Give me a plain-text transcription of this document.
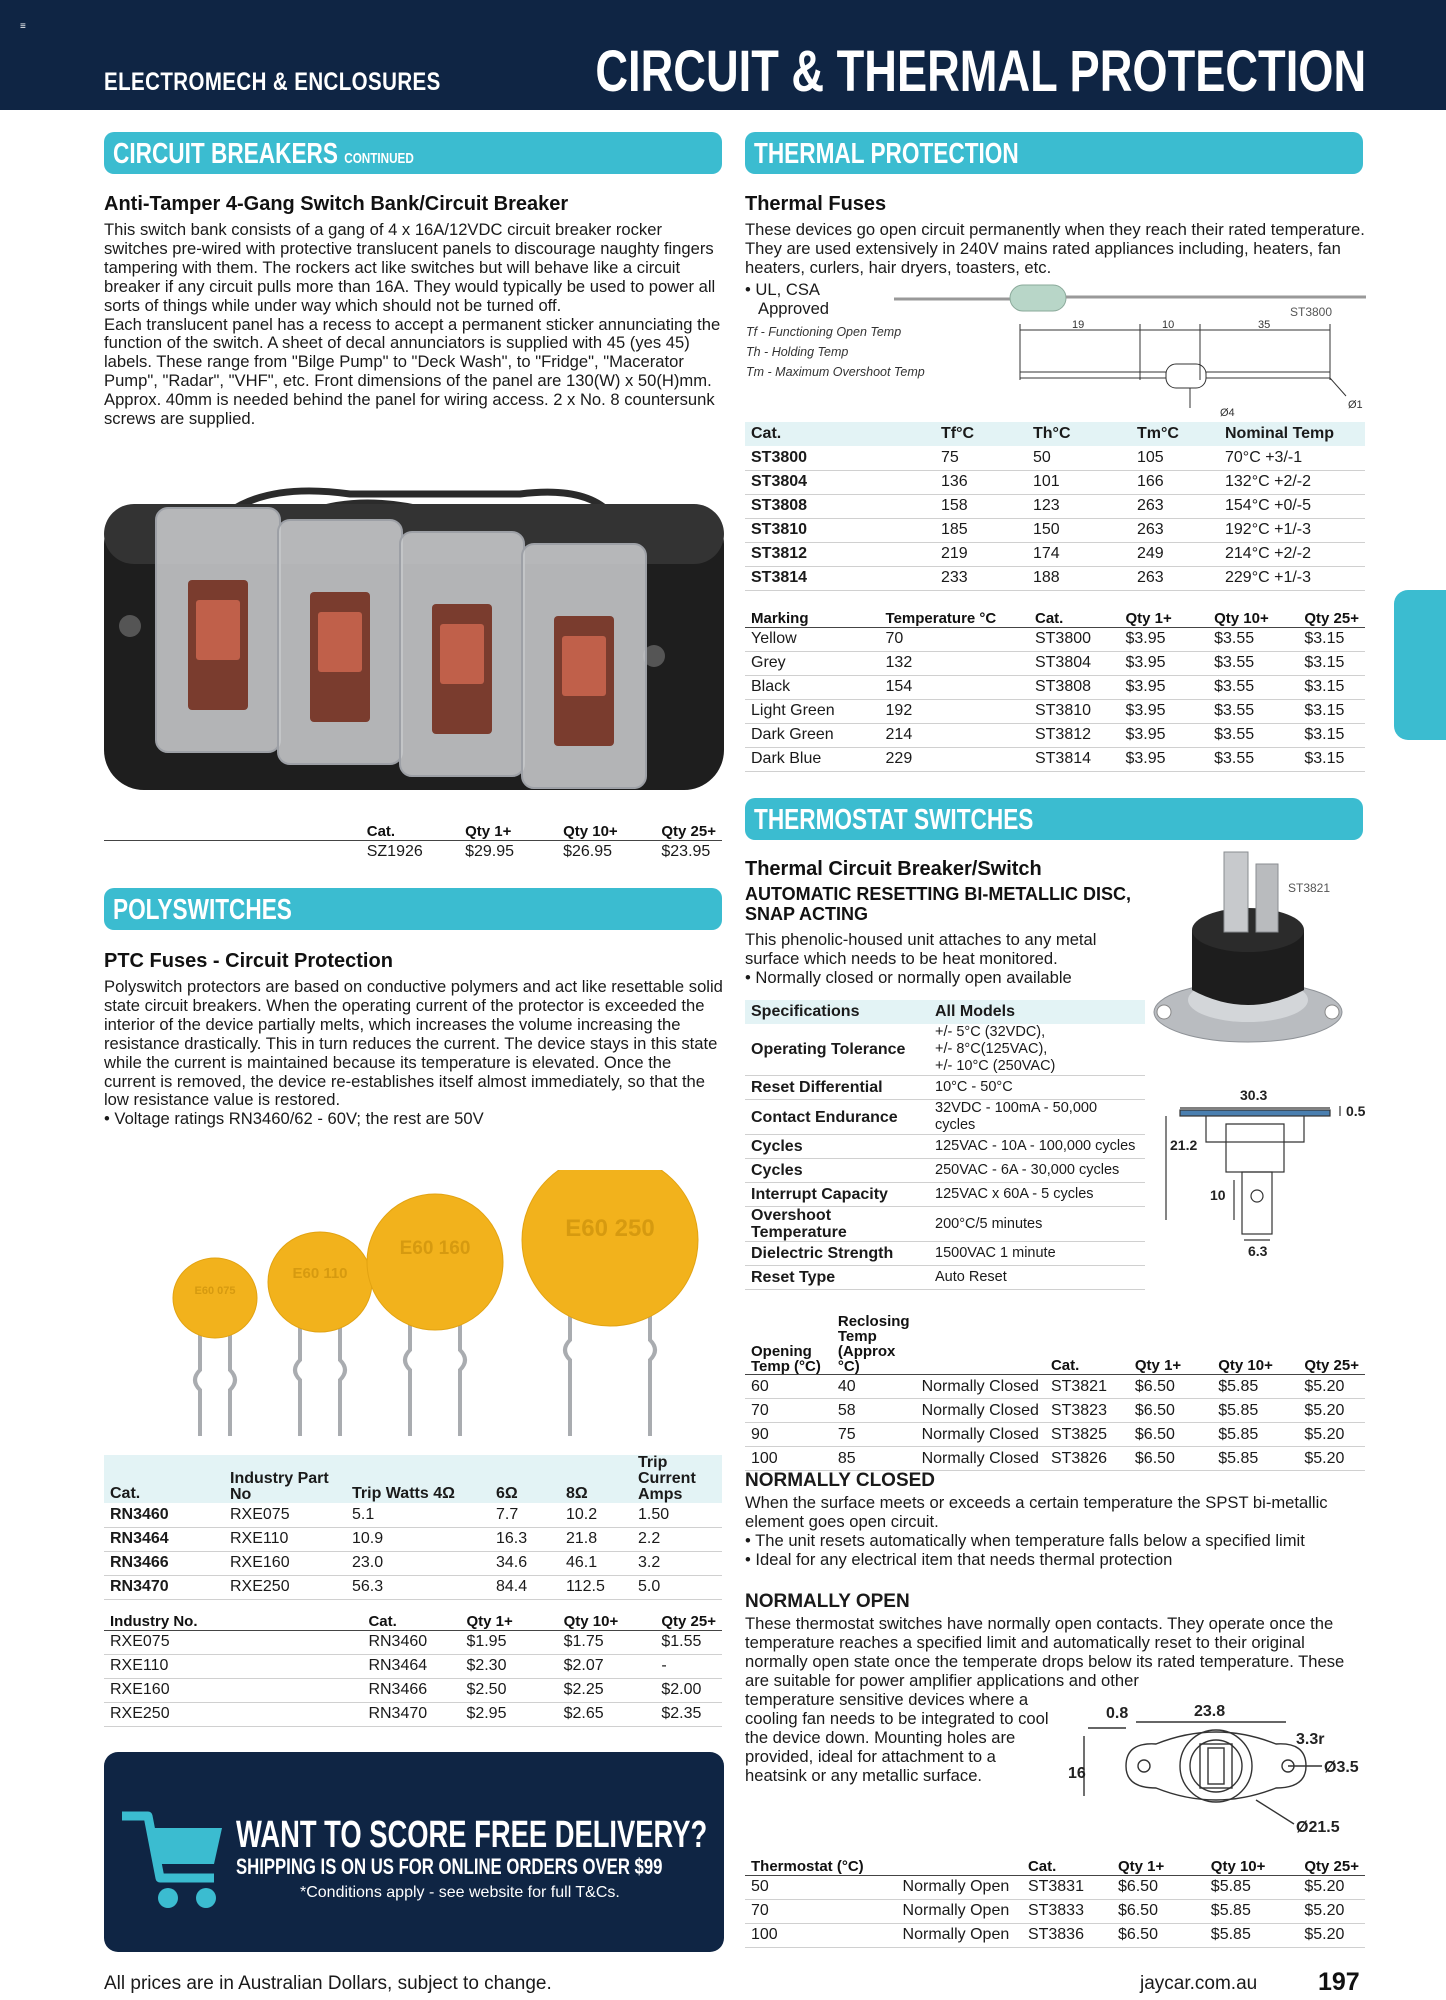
≡
ELECTROMECH & ENCLOSURES	CIRCUIT & THERMAL PROTECTION
CIRCUIT BREAKERS CONTINUED
Anti-Tamper 4-Gang Switch Bank/Circuit Breaker

This switch bank consists of a gang of 4 x 16A/12VDC circuit breaker rocker switches pre-wired with protective translucent panels to discourage naughty fingers tampering with them. The rockers act like switches but will behave like a circuit breaker if any circuit pulls more than 16A. They would typically be used to power all sorts of things while under way which should not be turned off.

Each translucent panel has a recess to accept a permanent sticker annunciating the function of the switch. A sheet of decal annunciators is supplied with 45 (yes 45) labels. These range from "Bilge Pump" to "Deck Wash", to "Fridge", "Macerator Pump", "Radar", "VHF", etc. Front dimensions of the panel are 130(W) x 50(H)mm. Approx. 40mm is needed behind the panel for wiring access. 2 x No. 8 countersunk screws are supplied.

	Cat.	Qty 1+	Qty 10+	Qty 25+
	SZ1926	$29.95	$26.95	$23.95
POLYSWITCHES
PTC Fuses - Circuit Protection

Polyswitch protectors are based on conductive polymers and act like resettable solid state circuit breakers. When the operating current of the protector is exceeded the interior of the device partially melts, which increases the volume increasing the resistance drastically. This in turn reduces the current. The device stays in this state while the current is maintained because its temperature is elevated. Once the current is removed, the device re-establishes itself almost immediately, so that the low resistance value is restored.

• Voltage ratings RN3460/62 - 60V; the rest are 50V

E60 075
E60 110
E60 160
E60 250
Cat.	Industry Part No	Trip Watts 4Ω	6Ω	8Ω	Trip Current Amps
RN3460	RXE075	5.1	7.7	10.2	1.50
RN3464	RXE110	10.9	16.3	21.8	2.2
RN3466	RXE160	23.0	34.6	46.1	3.2
RN3470	RXE250	56.3	84.4	112.5	5.0
Industry No.	Cat.	Qty 1+	Qty 10+	Qty 25+
RXE075	RN3460	$1.95	$1.75	$1.55
RXE110	RN3464	$2.30	$2.07	-
RXE160	RN3466	$2.50	$2.25	$2.00
RXE250	RN3470	$2.95	$2.65	$2.35
WANT TO SCORE FREE DELIVERY?
SHIPPING IS ON US FOR ONLINE ORDERS OVER $99
*Conditions apply - see website for full T&Cs.
THERMAL PROTECTION
Thermal Fuses
These devices go open circuit permanently when they reach their rated temperature. They are used extensively in 240V mains rated appliances including, heaters, fan heaters, curlers, hair dryers, toasters, etc.

• UL, CSA

Approved

Tf - Functioning Open Temp
Th - Holding Temp
Tm - Maximum Overshoot Temp
ST3800
19	10	35
Ø4
Ø1
Cat.	Tf°C	Th°C	Tm°C	Nominal Temp
ST3800	75	50	105	70°C +3/-1
ST3804	136	101	166	132°C +2/-2
ST3808	158	123	263	154°C +0/-5
ST3810	185	150	263	192°C +1/-3
ST3812	219	174	249	214°C +2/-2
ST3814	233	188	263	229°C +1/-3
Marking	Temperature °C	Cat.	Qty 1+	Qty 10+	Qty 25+
Yellow	70	ST3800	$3.95	$3.55	$3.15
Grey	132	ST3804	$3.95	$3.55	$3.15
Black	154	ST3808	$3.95	$3.55	$3.15
Light Green	192	ST3810	$3.95	$3.55	$3.15
Dark Green	214	ST3812	$3.95	$3.55	$3.15
Dark Blue	229	ST3814	$3.95	$3.55	$3.15
THERMOSTAT SWITCHES
Thermal Circuit Breaker/Switch
AUTOMATIC RESETTING BI-METALLIC DISC,
SNAP ACTING

This phenolic-housed unit attaches to any metal surface which needs to be heat monitored.

• Normally closed or normally open available

ST3821
Specifications	All Models
Operating Tolerance	+/- 5°C (32VDC),
+/- 8°C(125VAC),
+/- 10°C (250VAC)
Reset Differential	10°C - 50°C
Contact Endurance	32VDC - 100mA - 50,000 cycles
Cycles	125VAC - 10A - 100,000 cycles
Cycles	250VAC - 6A - 30,000 cycles
Interrupt Capacity	125VAC x 60A - 5 cycles
Overshoot Temperature	200°C/5 minutes
Dielectric Strength	1500VAC 1 minute
Reset Type	Auto Reset
30.3
0.5
21.2
10
6.3
Opening Temp (°C)	Reclosing Temp (Approx °C)		Cat.	Qty 1+	Qty 10+	Qty 25+
60	40	Normally Closed	ST3821	$6.50	$5.85	$5.20
70	58	Normally Closed	ST3823	$6.50	$5.85	$5.20
90	75	Normally Closed	ST3825	$6.50	$5.85	$5.20
100	85	Normally Closed	ST3826	$6.50	$5.85	$5.20
NORMALLY CLOSED

When the surface meets or exceeds a certain temperature the SPST bi-metallic element goes open circuit.

• The unit resets automatically when temperature falls below a specified limit

• Ideal for any electrical item that needs thermal protection

NORMALLY OPEN
These thermostat switches have normally open contacts. They operate once the temperature reaches a specified limit and automatically reset to their original normally open state once the temperate drops below its rated temperature. These are suitable for power amplifier applications and other
temperature sensitive devices where a cooling fan needs to be integrated to cool the device down. Mounting holes are provided, ideal for attachment to a heatsink or any metallic surface.
0.8	23.8
3.3r
16	Ø3.5
Ø21.5
Thermostat (°C)		Cat.	Qty 1+	Qty 10+	Qty 25+
50	Normally Open	ST3831	$6.50	$5.85	$5.20
70	Normally Open	ST3833	$6.50	$5.85	$5.20
100	Normally Open	ST3836	$6.50	$5.85	$5.20
All prices are in Australian Dollars, subject to change.	jaycar.com.au 197
